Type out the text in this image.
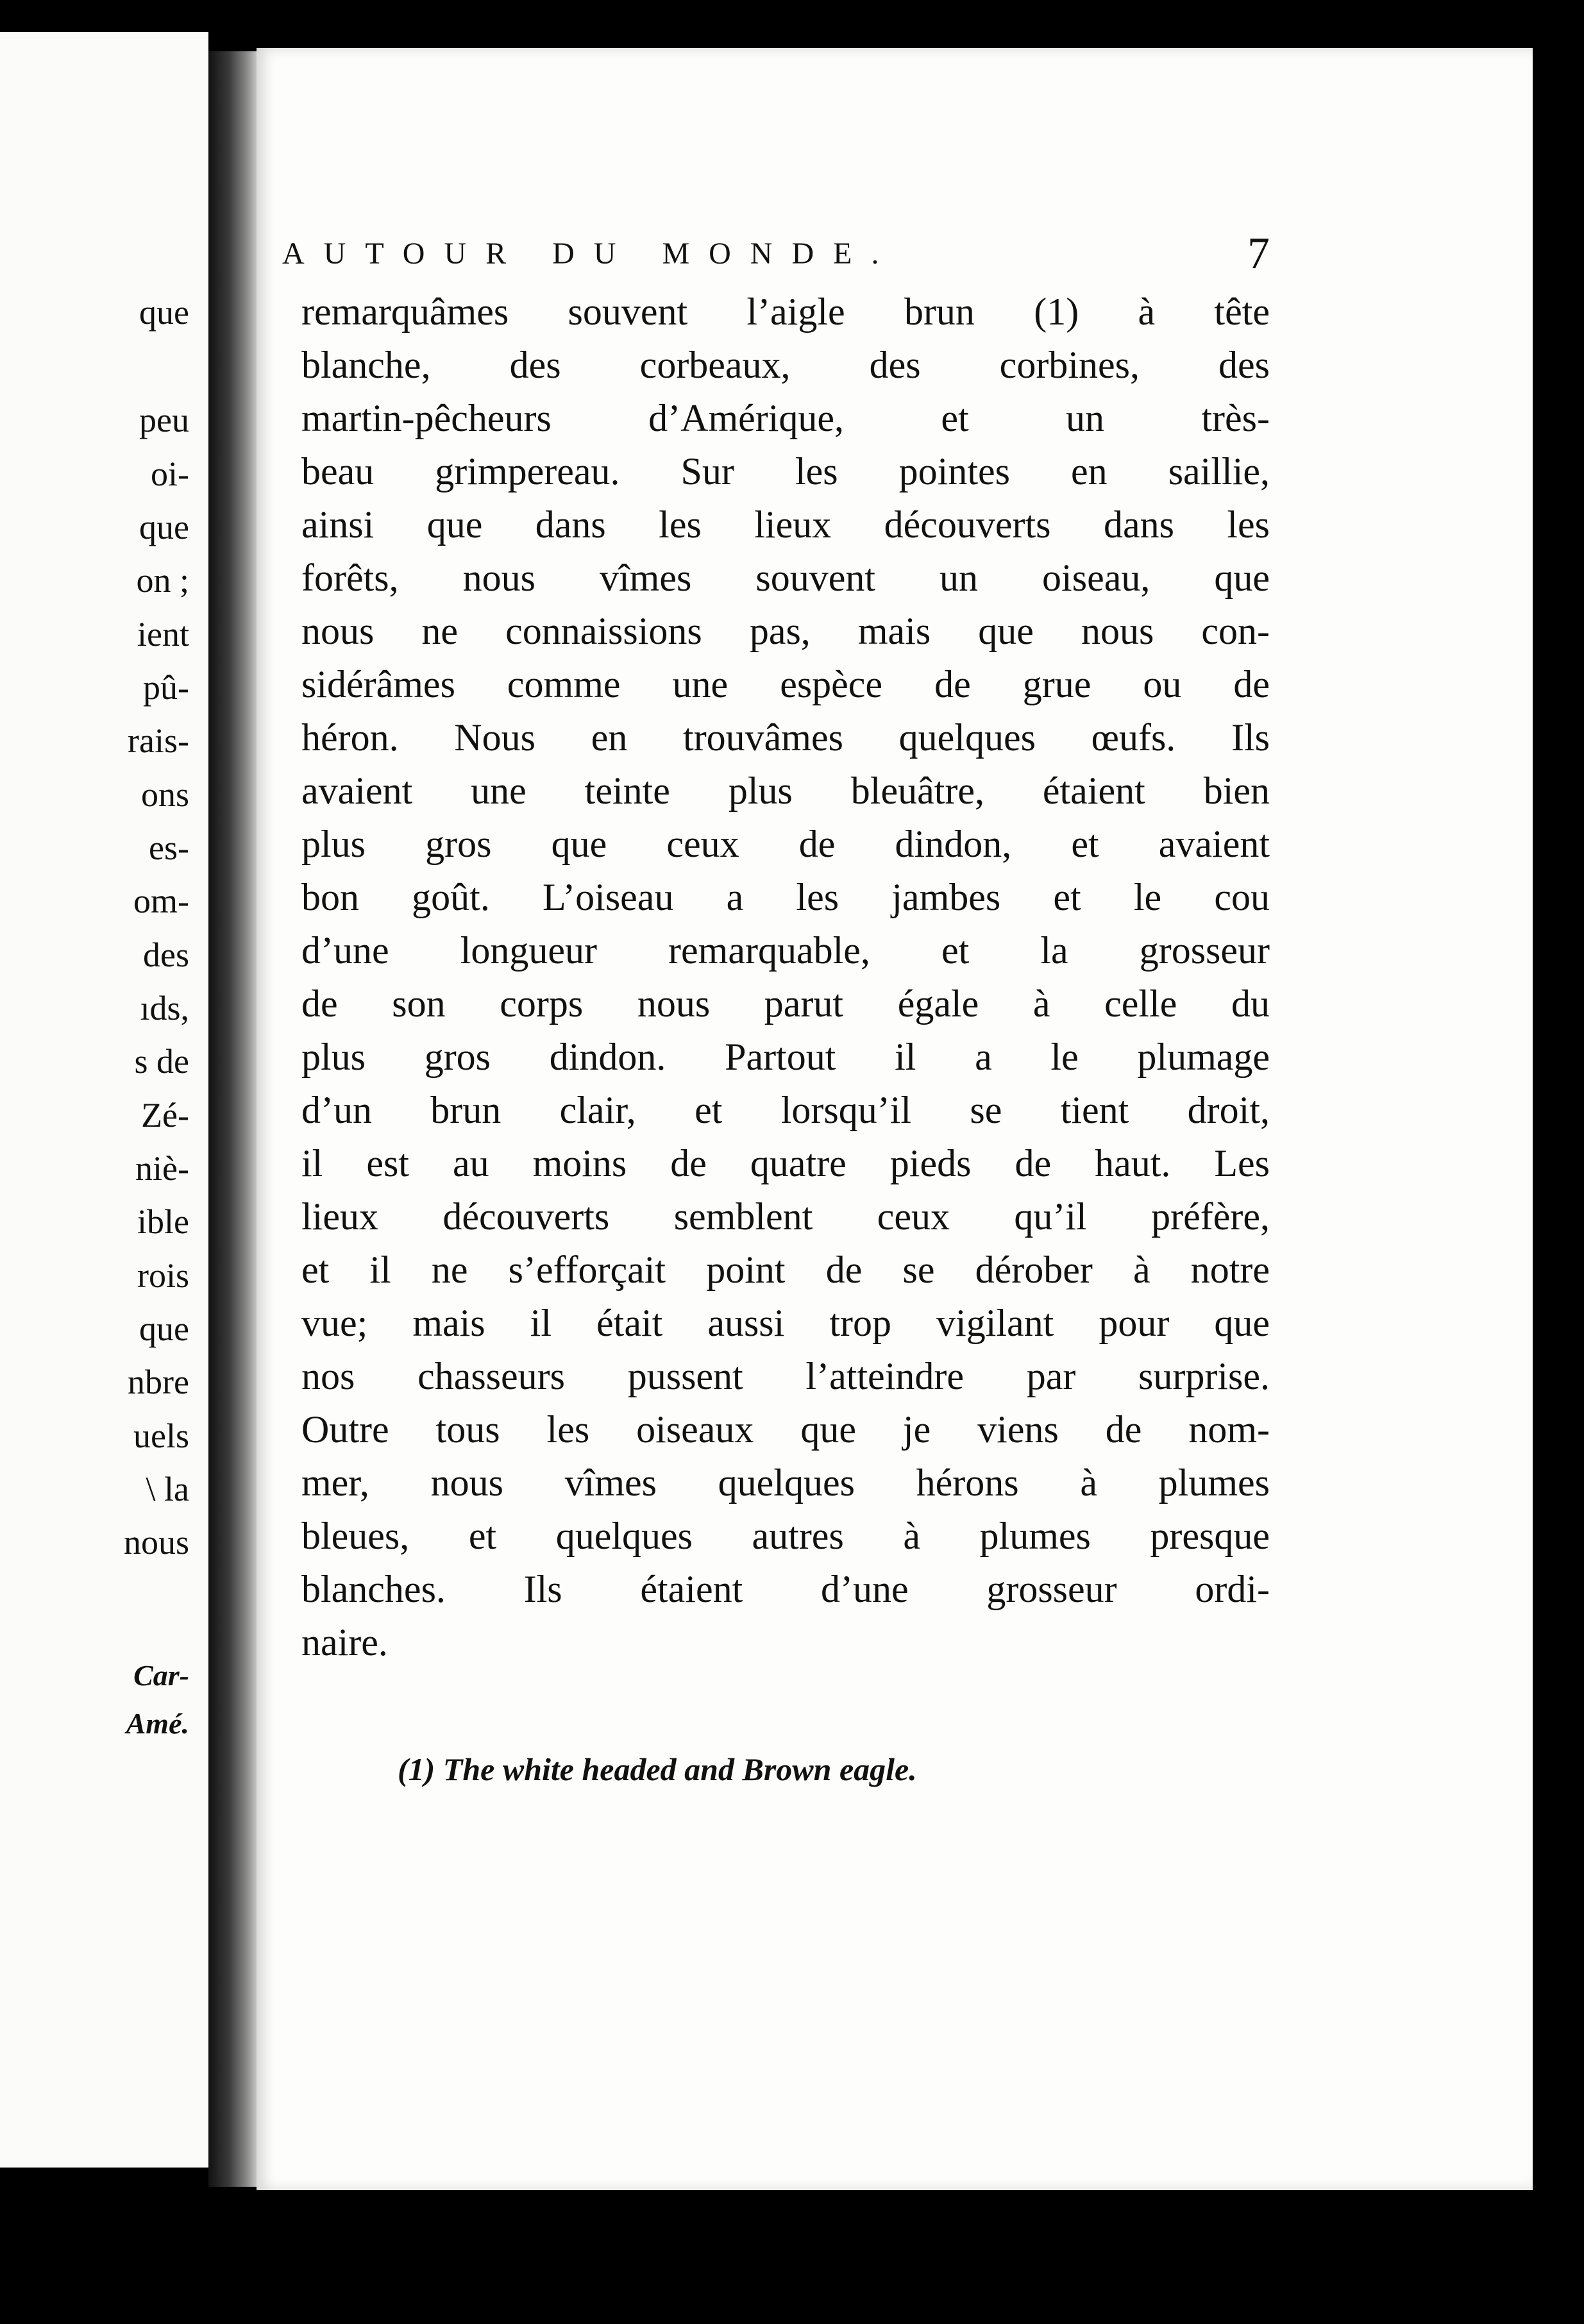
que
peu
oi-
que
on ;
ient
pû-
rais-
ons
es-
om-
des
ıds,
s de
Zé-
niè-
ible
rois
que
nbre
uels
\ la
nous
Car-
Amé.
AUTOUR DU MONDE.	7
remarquâmes souvent l’aigle brun (1) à tête
blanche, des corbeaux, des corbines, des
martin-pêcheurs d’Amérique, et un très-
beau grimpereau. Sur les pointes en saillie,
ainsi que dans les lieux découverts dans les
forêts, nous vîmes souvent un oiseau, que
nous ne connaissions pas, mais que nous con-
sidérâmes comme une espèce de grue ou de
héron. Nous en trouvâmes quelques œufs. Ils
avaient une teinte plus bleuâtre, étaient bien
plus gros que ceux de dindon, et avaient
bon goût. L’oiseau a les jambes et le cou
d’une longueur remarquable, et la grosseur
de son corps nous parut égale à celle du
plus gros dindon. Partout il a le plumage
d’un brun clair, et lorsqu’il se tient droit,
il est au moins de quatre pieds de haut. Les
lieux découverts semblent ceux qu’il préfère,
et il ne s’efforçait point de se dérober à notre
vue; mais il était aussi trop vigilant pour que
nos chasseurs pussent l’atteindre par surprise.
Outre tous les oiseaux que je viens de nom-
mer, nous vîmes quelques hérons à plumes
bleues, et quelques autres à plumes presque
blanches. Ils étaient d’une grosseur ordi-
naire.
(1) The white headed and Brown eagle.
